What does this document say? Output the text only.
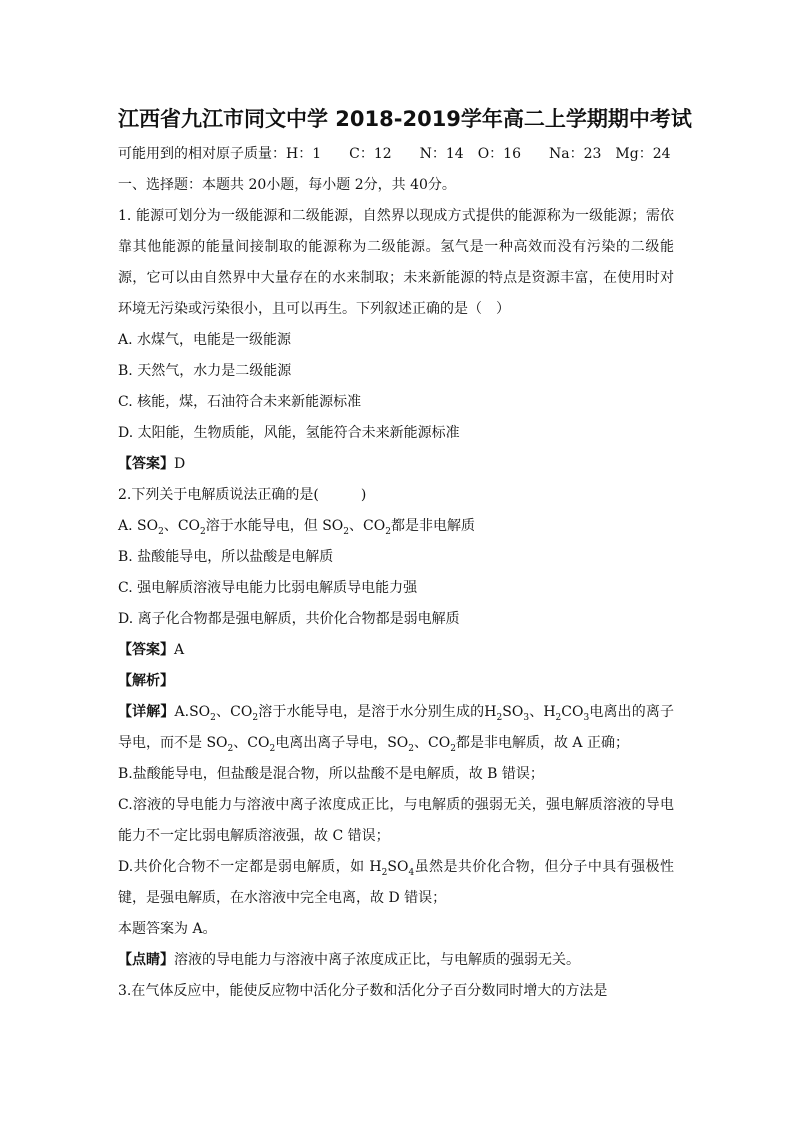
江西省九江市同文中学 2018-2019学年高二上学期期中考试

可能用到的相对原子质量：H：1　　C：12　　N：14　O：16　　Na：23　Mg：24

一、选择题：本题共 20小题，每小题 2分，共 40分。

1. 能源可划分为一级能源和二级能源，自然界以现成方式提供的能源称为一级能源；需依靠其他能源的能量间接制取的能源称为二级能源。氢气是一种高效而没有污染的二级能源，它可以由自然界中大量存在的水来制取；未来新能源的特点是资源丰富，在使用时对环境无污染或污染很小，且可以再生。下列叙述正确的是（　）

A. 水煤气，电能是一级能源

B. 天然气，水力是二级能源

C. 核能，煤，石油符合未来新能源标准

D. 太阳能，生物质能，风能，氢能符合未来新能源标准

【答案】D

2.下列关于电解质说法正确的是(　　　)

A. $SO_2$、$CO_2$溶于水能导电，但 $SO_2$、$CO_2$都是非电解质

B. 盐酸能导电，所以盐酸是电解质

C. 强电解质溶液导电能力比弱电解质导电能力强

D. 离子化合物都是强电解质，共价化合物都是弱电解质

【答案】A

【解析】

【详解】$A.SO_2$、$CO_2$溶于水能导电，是溶于水分别生成的$H_2SO_3$、$H_2CO_3$电离出的离子导电，而不是 $SO_2$、$CO_2$电离出离子导电，$SO_2$、$CO_2$都是非电解质，故 A 正确；

B.盐酸能导电，但盐酸是混合物，所以盐酸不是电解质，故 B 错误；

C.溶液的导电能力与溶液中离子浓度成正比，与电解质的强弱无关，强电解质溶液的导电能力不一定比弱电解质溶液强，故 C 错误；

D.共价化合物不一定都是弱电解质，如 $H_2SO_4$虽然是共价化合物，但分子中具有强极性键，是强电解质，在水溶液中完全电离，故 D 错误；

本题答案为 A。

【点睛】溶液的导电能力与溶液中离子浓度成正比，与电解质的强弱无关。

3.在气体反应中，能使反应物中活化分子数和活化分子百分数同时增大的方法是
